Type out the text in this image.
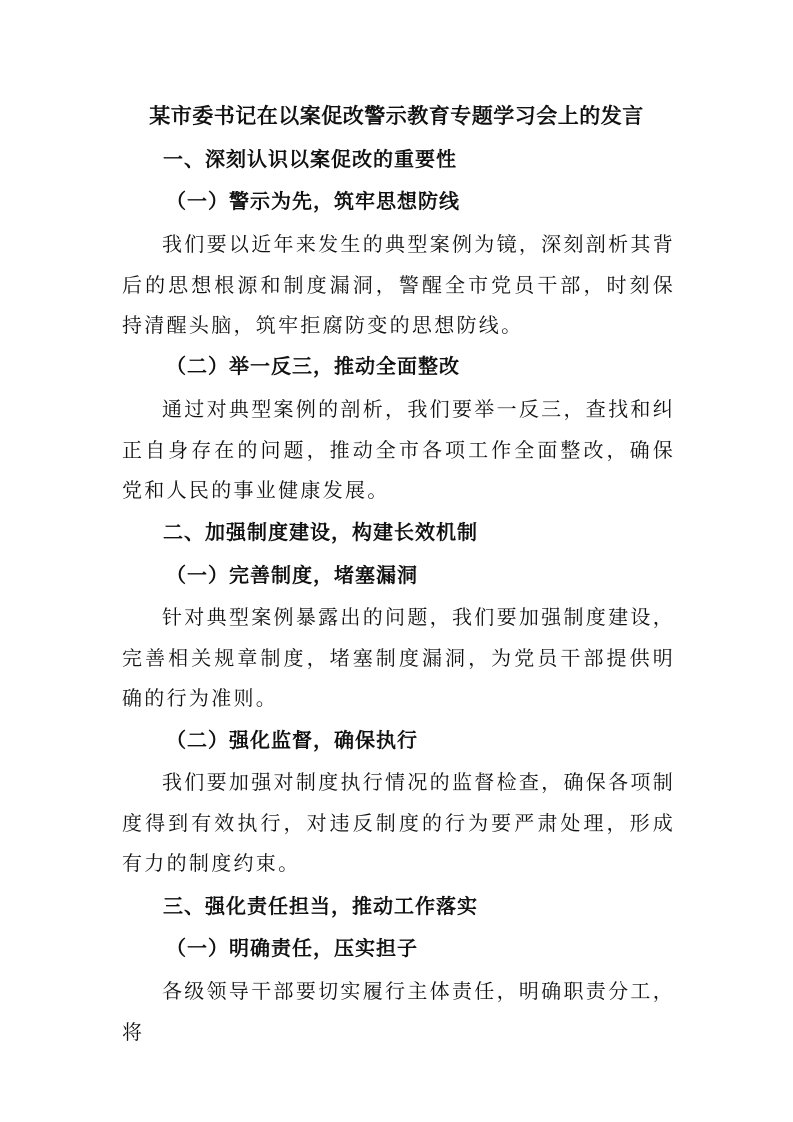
某市委书记在以案促改警示教育专题学习会上的发言
一、深刻认识以案促改的重要性
（一）警示为先，筑牢思想防线
我们要以近年来发生的典型案例为镜，深刻剖析其背后的思想根源和制度漏洞，警醒全市党员干部，时刻保持清醒头脑，筑牢拒腐防变的思想防线。
（二）举一反三，推动全面整改
通过对典型案例的剖析，我们要举一反三，查找和纠正自身存在的问题，推动全市各项工作全面整改，确保党和人民的事业健康发展。
二、加强制度建设，构建长效机制
（一）完善制度，堵塞漏洞
针对典型案例暴露出的问题，我们要加强制度建设，完善相关规章制度，堵塞制度漏洞，为党员干部提供明确的行为准则。
（二）强化监督，确保执行
我们要加强对制度执行情况的监督检查，确保各项制度得到有效执行，对违反制度的行为要严肃处理，形成有力的制度约束。
三、强化责任担当，推动工作落实
（一）明确责任，压实担子
各级领导干部要切实履行主体责任，明确职责分工，将
